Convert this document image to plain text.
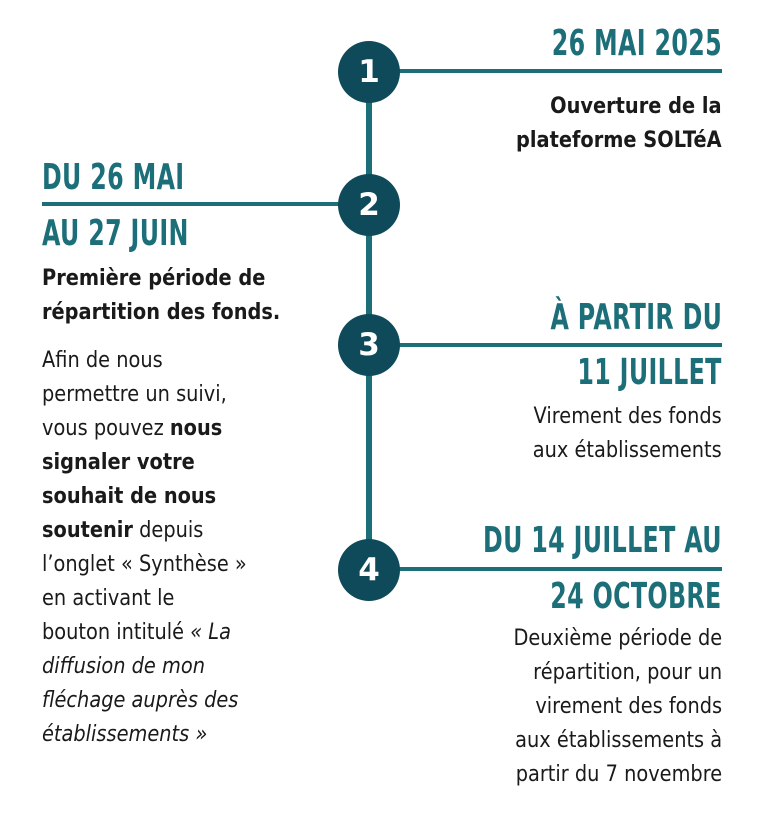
1
2
3
4
26 MAI 2025
Ouverture de la
plateforme SOLTéA
DU 26 MAI
AU 27 JUIN
Première période de
répartition des fonds.
Afin de nous
permettre un suivi,
vous pouvez nous
signaler votre
souhait de nous
soutenir depuis
l’onglet « Synthèse »
en activant le
bouton intitulé « La
diffusion de mon
fléchage auprès des
établissements »
À PARTIR DU
11 JUILLET
Virement des fonds
aux établissements
DU 14 JUILLET AU
24 OCTOBRE
Deuxième période de
répartition, pour un
virement des fonds
aux établissements à
partir du 7 novembre
